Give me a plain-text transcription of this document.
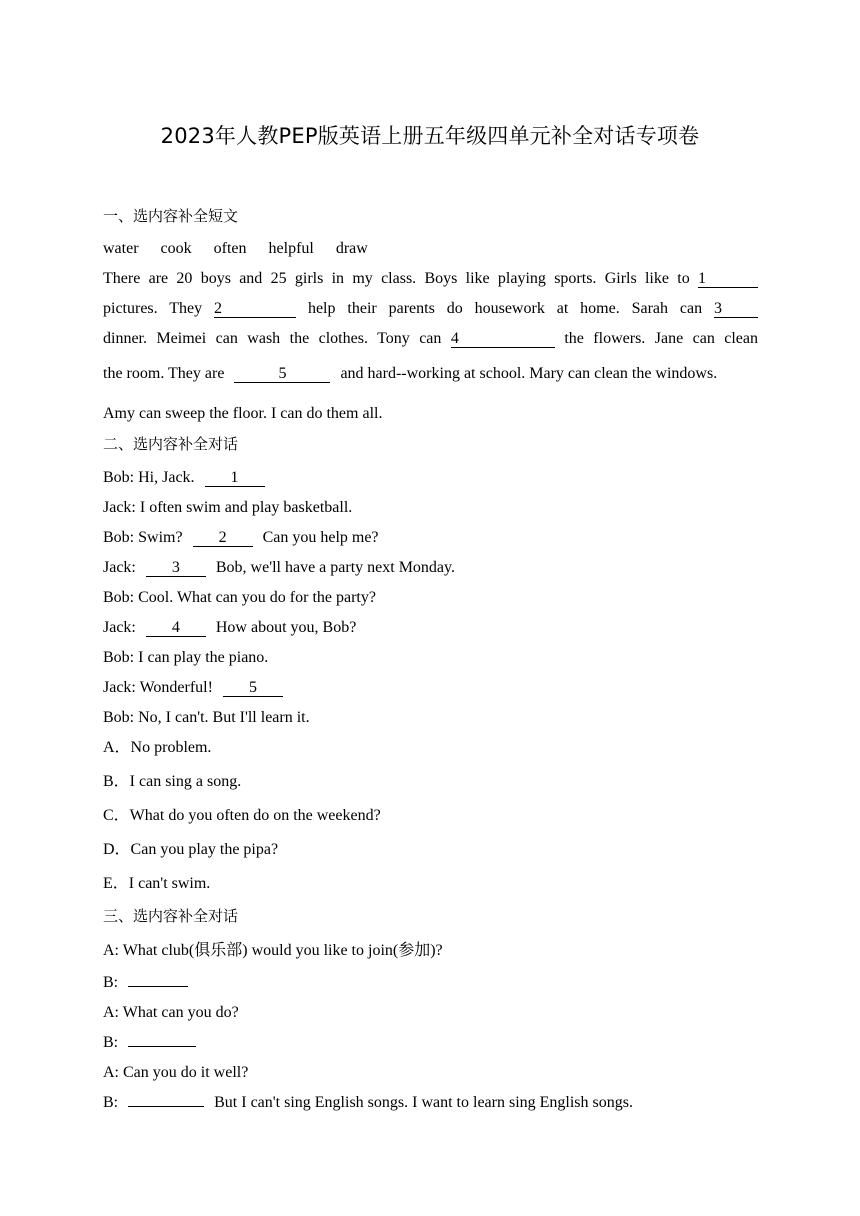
2023年人教PEP版英语上册五年级四单元补全对话专项卷
一、选内容补全短文
water cook often helpful draw
There are 20 boys and 25 girls in my class. Boys like playing sports. Girls like to 1
pictures. They 2	help their parents do housework at home. Sarah can 3
dinner. Meimei can wash the clothes. Tony can 4	the flowers. Jane can clean
the room. They are	5	and hard--working at school. Mary can clean the windows.
Amy can sweep the floor. I can do them all.
二、选内容补全对话
Bob: Hi, Jack. 1
Jack: I often swim and play basketball.
Bob: Swim? 2 Can you help me?
Jack: 3 Bob, we'll have a party next Monday.
Bob: Cool. What can you do for the party?
Jack: 4 How about you, Bob?
Bob: I can play the piano.
Jack: Wonderful! 5
Bob: No, I can't. But I'll learn it.
A．No problem.
B．I can sing a song.
C．What do you often do on the weekend?
D．Can you play the pipa?
E．I can't swim.
三、选内容补全对话
A: What club(俱乐部) would you like to join(参加)?
B:
A: What can you do?
B:
A: Can you do it well?
B:	But I can't sing English songs. I want to learn sing English songs.
